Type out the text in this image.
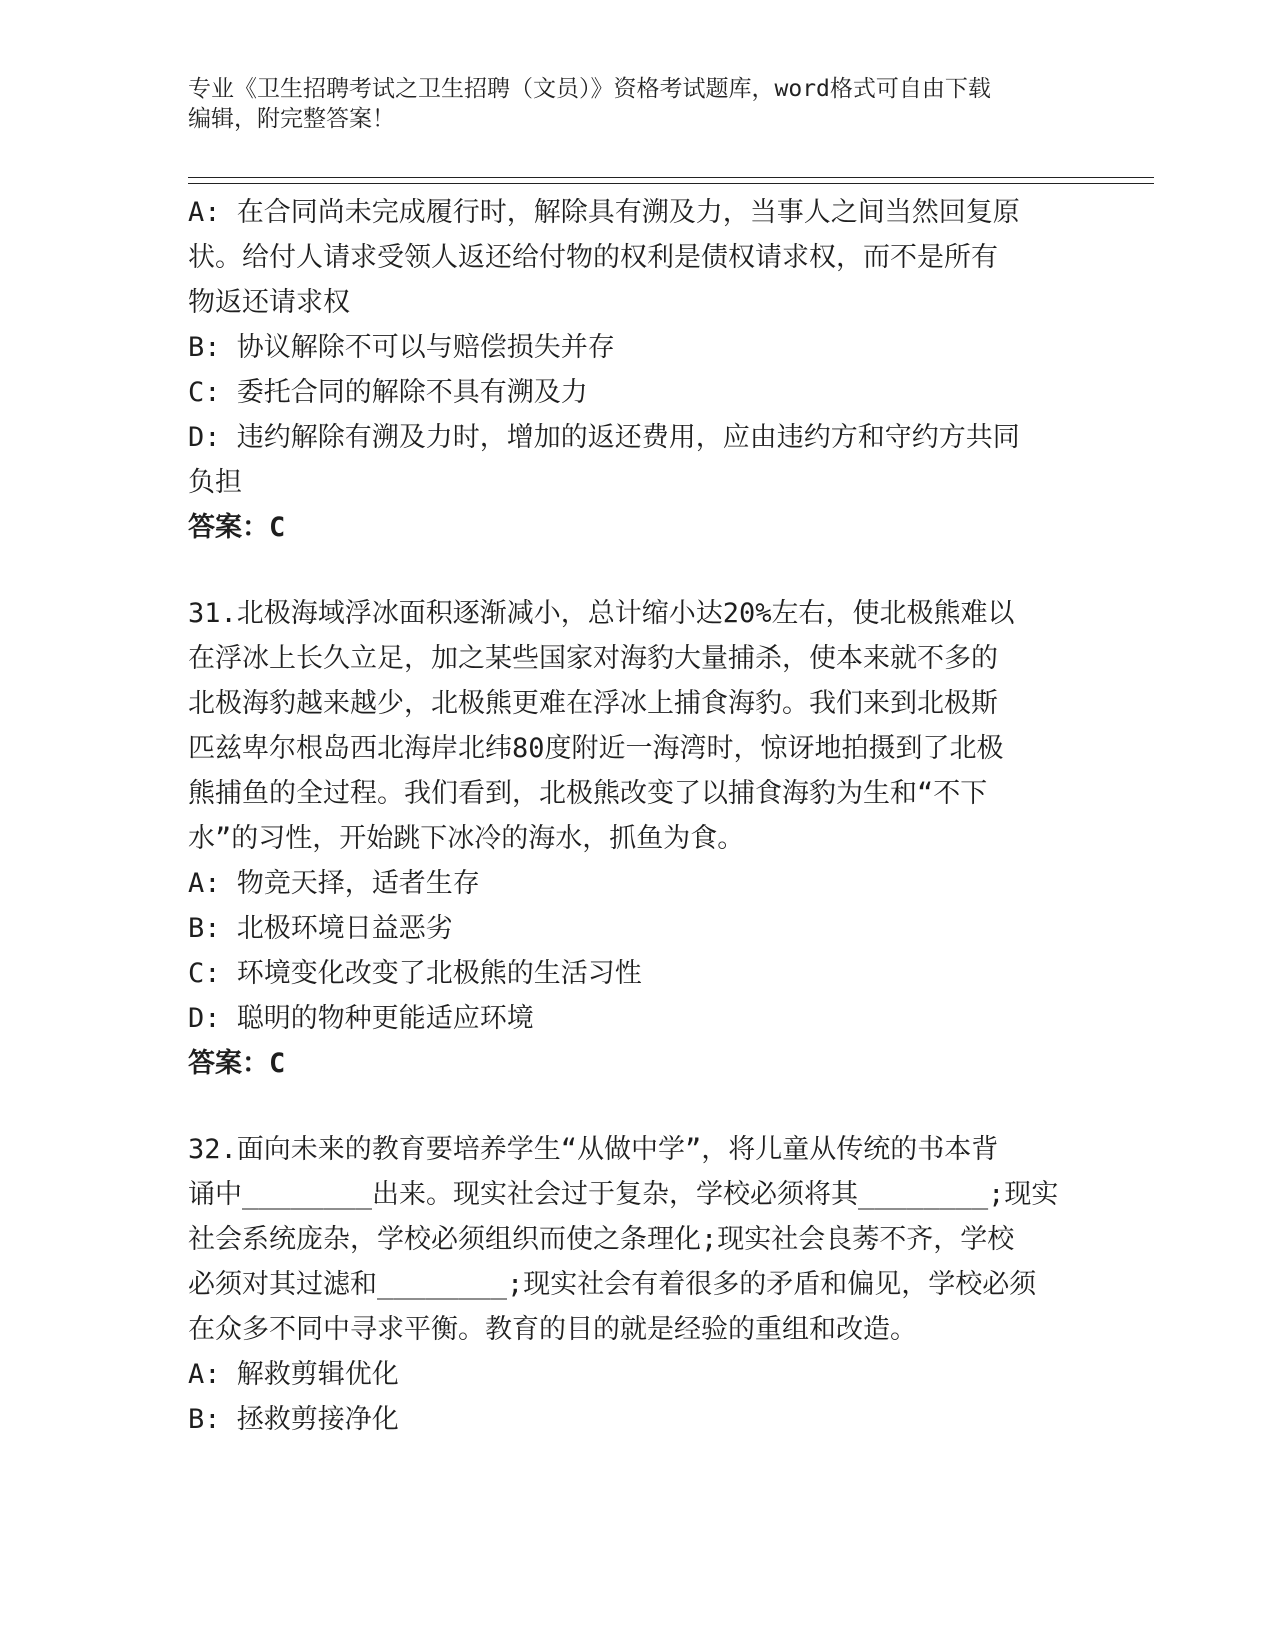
专业《卫生招聘考试之卫生招聘（文员）》资格考试题库，word格式可自由下载
编辑，附完整答案！
A: 在合同尚未完成履行时，解除具有溯及力，当事人之间当然回复原
状。给付人请求受领人返还给付物的权利是债权请求权，而不是所有
物返还请求权
B: 协议解除不可以与赔偿损失并存
C: 委托合同的解除不具有溯及力
D: 违约解除有溯及力时，增加的返还费用，应由违约方和守约方共同
负担
答案：C
31.北极海域浮冰面积逐渐减小，总计缩小达20%左右，使北极熊难以
在浮冰上长久立足，加之某些国家对海豹大量捕杀，使本来就不多的
北极海豹越来越少，北极熊更难在浮冰上捕食海豹。我们来到北极斯
匹兹卑尔根岛西北海岸北纬80度附近一海湾时，惊讶地拍摄到了北极
熊捕鱼的全过程。我们看到，北极熊改变了以捕食海豹为生和“不下
水”的习性，开始跳下冰冷的海水，抓鱼为食。
A: 物竞天择，适者生存
B: 北极环境日益恶劣
C: 环境变化改变了北极熊的生活习性
D: 聪明的物种更能适应环境
答案：C
32.面向未来的教育要培养学生“从做中学”，将儿童从传统的书本背
诵中________出来。现实社会过于复杂，学校必须将其________;现实
社会系统庞杂，学校必须组织而使之条理化;现实社会良莠不齐，学校
必须对其过滤和________;现实社会有着很多的矛盾和偏见，学校必须
在众多不同中寻求平衡。教育的目的就是经验的重组和改造。
A: 解救剪辑优化
B: 拯救剪接净化
